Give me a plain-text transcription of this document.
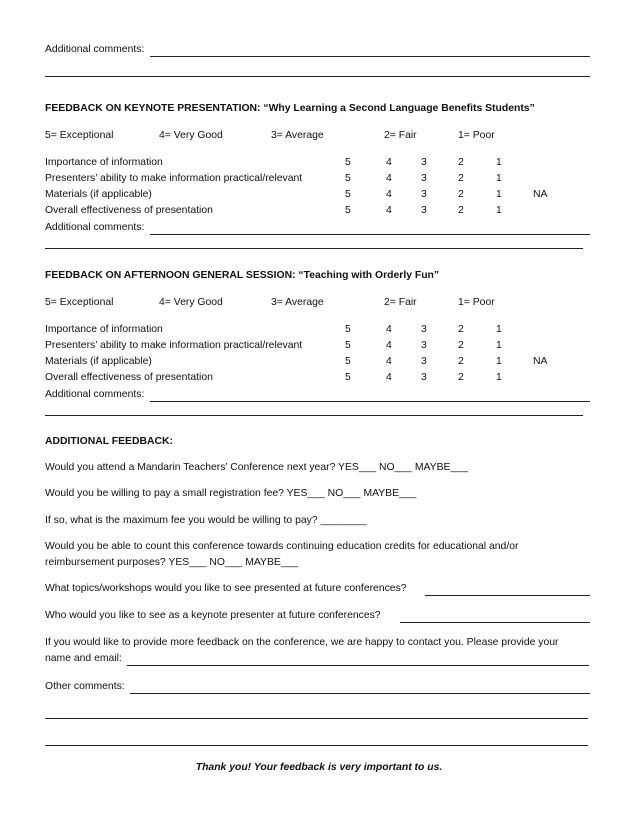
Additional comments:
FEEDBACK ON KEYNOTE PRESENTATION: “Why Learning a Second Language Benefits Students”
5= Exceptional	4= Very Good	3= Average	2= Fair	1= Poor
Importance of information	5	4	3	2	1
Presenters’ ability to make information practical/relevant	5	4	3	2	1
Materials (if applicable)	5	4	3	2	1	NA
Overall effectiveness of presentation	5	4	3	2	1
Additional comments:
FEEDBACK ON AFTERNOON GENERAL SESSION: “Teaching with Orderly Fun”
5= Exceptional	4= Very Good	3= Average	2= Fair	1= Poor
Importance of information	5	4	3	2	1
Presenters’ ability to make information practical/relevant	5	4	3	2	1
Materials (if applicable)	5	4	3	2	1	NA
Overall effectiveness of presentation	5	4	3	2	1
Additional comments:
ADDITIONAL FEEDBACK:
Would you attend a Mandarin Teachers’ Conference next year? YES___ NO___ MAYBE___
Would you be willing to pay a small registration fee? YES___ NO___ MAYBE___
If so, what is the maximum fee you would be willing to pay? ________
Would you be able to count this conference towards continuing education credits for educational and/or
reimbursement purposes? YES___ NO___ MAYBE___
What topics/workshops would you like to see presented at future conferences?
Who would you like to see as a keynote presenter at future conferences?
If you would like to provide more feedback on the conference, we are happy to contact you. Please provide your
name and email:
Other comments:
Thank you! Your feedback is very important to us.
